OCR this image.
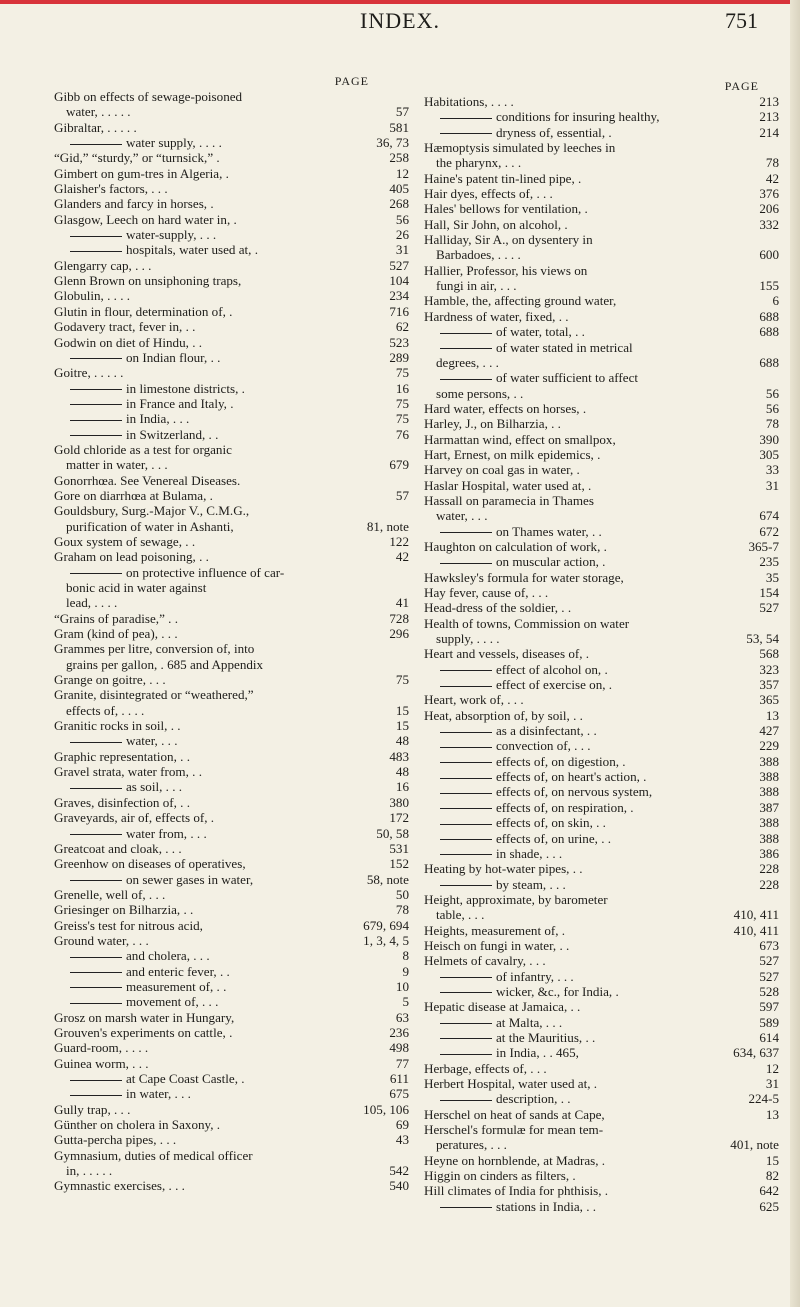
INDEX.	751
PAGE
Gibb on effects of sewage-poisoned
water, . . . . .	57
Gibraltar, . . . . .	581
water supply, . . . .	36, 73
“Gid,” “sturdy,” or “turnsick,” .	258
Gimbert on gum-tres in Algeria, .	12
Glaisher's factors, . . .	405
Glanders and farcy in horses, .	268
Glasgow, Leech on hard water in, .	56
water-supply, . . .	26
hospitals, water used at, .	31
Glengarry cap, . . .	527
Glenn Brown on unsiphoning traps,	104
Globulin, . . . .	234
Glutin in flour, determination of, .	716
Godavery tract, fever in, . .	62
Godwin on diet of Hindu, . .	523
on Indian flour, . .	289
Goitre, . . . . .	75
in limestone districts, .	16
in France and Italy, .	75
in India, . . .	75
in Switzerland, . .	76
Gold chloride as a test for organic
matter in water, . . .	679
Gonorrhœa. See Venereal Diseases.
Gore on diarrhœa at Bulama, .	57
Gouldsbury, Surg.-Major V., C.M.G.,
purification of water in Ashanti,	81, note
Goux system of sewage, . .	122
Graham on lead poisoning, . .	42
on protective influence of car-
bonic acid in water against
lead, . . . .	41
“Grains of paradise,” . .	728
Gram (kind of pea), . . .	296
Grammes per litre, conversion of, into
grains per gallon, . 685 and Appendix
Grange on goitre, . . .	75
Granite, disintegrated or “weathered,”
effects of, . . . .	15
Granitic rocks in soil, . .	15
water, . . .	48
Graphic representation, . .	483
Gravel strata, water from, . .	48
as soil, . . .	16
Graves, disinfection of, . .	380
Graveyards, air of, effects of, .	172
water from, . . .	50, 58
Greatcoat and cloak, . . .	531
Greenhow on diseases of operatives,	152
on sewer gases in water,	58, note
Grenelle, well of, . . .	50
Griesinger on Bilharzia, . .	78
Greiss's test for nitrous acid,	679, 694
Ground water, . . .	1, 3, 4, 5
and cholera, . . .	8
and enteric fever, . .	9
measurement of, . .	10
movement of, . . .	5
Grosz on marsh water in Hungary,	63
Grouven's experiments on cattle, .	236
Guard-room, . . . .	498
Guinea worm, . . .	77
at Cape Coast Castle, .	611
in water, . . .	675
Gully trap, . . .	105, 106
Günther on cholera in Saxony, .	69
Gutta-percha pipes, . . .	43
Gymnasium, duties of medical officer
in, . . . . .	542
Gymnastic exercises, . . .	540
PAGE
Habitations, . . . .	213
conditions for insuring healthy,	213
dryness of, essential, .	214
Hæmoptysis simulated by leeches in
the pharynx, . . .	78
Haine's patent tin-lined pipe, .	42
Hair dyes, effects of, . . .	376
Hales' bellows for ventilation, .	206
Hall, Sir John, on alcohol, .	332
Halliday, Sir A., on dysentery in
Barbadoes, . . . .	600
Hallier, Professor, his views on
fungi in air, . . .	155
Hamble, the, affecting ground water,	6
Hardness of water, fixed, . .	688
of water, total, . .	688
of water stated in metrical
degrees, . . .	688
of water sufficient to affect
some persons, . .	56
Hard water, effects on horses, .	56
Harley, J., on Bilharzia, . .	78
Harmattan wind, effect on smallpox,	390
Hart, Ernest, on milk epidemics, .	305
Harvey on coal gas in water, .	33
Haslar Hospital, water used at, .	31
Hassall on paramecia in Thames
water, . . .	674
on Thames water, . .	672
Haughton on calculation of work, .	365-7
on muscular action, .	235
Hawksley's formula for water storage,	35
Hay fever, cause of, . . .	154
Head-dress of the soldier, . .	527
Health of towns, Commission on water
supply, . . . .	53, 54
Heart and vessels, diseases of, .	568
effect of alcohol on, .	323
effect of exercise on, .	357
Heart, work of, . . .	365
Heat, absorption of, by soil, . .	13
as a disinfectant, . .	427
convection of, . . .	229
effects of, on digestion, .	388
effects of, on heart's action, .	388
effects of, on nervous system,	388
effects of, on respiration, .	387
effects of, on skin, . .	388
effects of, on urine, . .	388
in shade, . . .	386
Heating by hot-water pipes, . .	228
by steam, . . .	228
Height, approximate, by barometer
table, . . .	410, 411
Heights, measurement of, .	410, 411
Heisch on fungi in water, . .	673
Helmets of cavalry, . . .	527
of infantry, . . .	527
wicker, &c., for India, .	528
Hepatic disease at Jamaica, . .	597
at Malta, . . .	589
at the Mauritius, . .	614
in India, . . 465,	634, 637
Herbage, effects of, . . .	12
Herbert Hospital, water used at, .	31
description, . .	224-5
Herschel on heat of sands at Cape,	13
Herschel's formulæ for mean tem-
peratures, . . .	401, note
Heyne on hornblende, at Madras, .	15
Higgin on cinders as filters, .	82
Hill climates of India for phthisis, .	642
stations in India, . .	625
